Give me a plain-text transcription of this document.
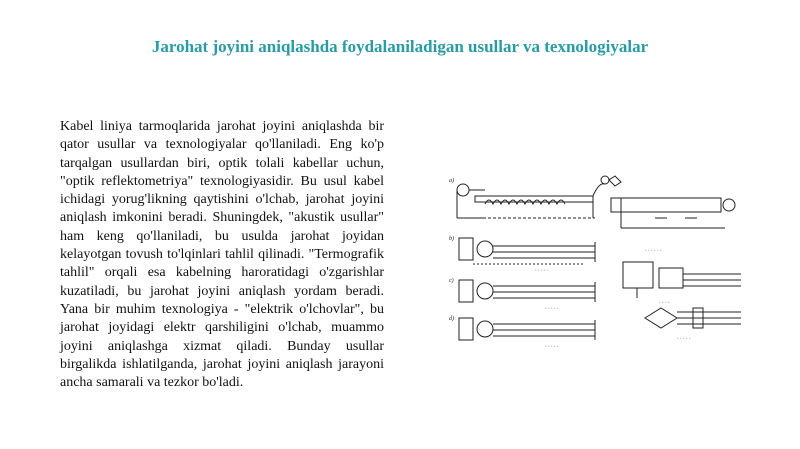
Jarohat joyini aniqlashda foydalaniladigan usullar va texnologiyalar

Kabel liniya tarmoqlarida jarohat joyini aniqlashda bir qator usullar va texnologiyalar qo'llaniladi. Eng ko'p tarqalgan usullardan biri, optik tolali kabellar uchun, "optik reflektometriya" texnologiyasidir. Bu usul kabel ichidagi yorug'likning qaytishini o'lchab, jarohat joyini aniqlash imkonini beradi. Shuningdek, "akustik usullar" ham keng qo'llaniladi, bu usulda jarohat joyidan kelayotgan tovush to'lqinlari tahlil qilinadi. "Termografik tahlil" orqali esa kabelning haroratidagi o'zgarishlar kuzatiladi, bu jarohat joyini aniqlash yordam beradi. Yana bir muhim texnologiya - "elektrik o'lchovlar", bu jarohat joyidagi elektr qarshiligini o'lchab, muammo joyini aniqlashga xizmat qiladi. Bunday usullar birgalikda ishlatilganda, jarohat joyini aniqlash jarayoni ancha samarali va tezkor bo'ladi.

a)
b)
c)
d)
· · · · ·
· · · · ·
· · · · ·
· · · · · ·
· · · ·
· · · · ·
